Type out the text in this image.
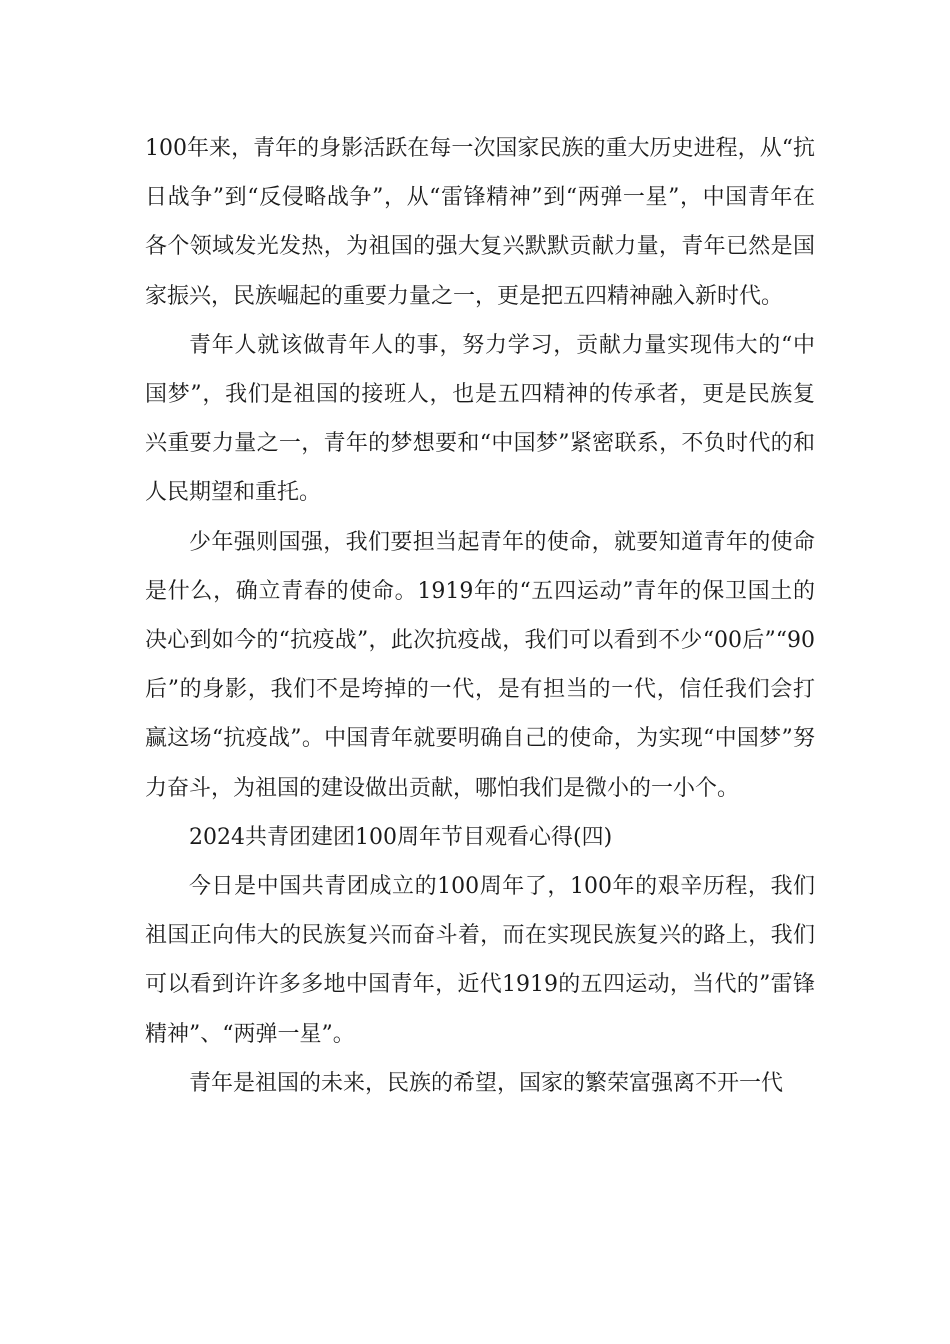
100年来，青年的身影活跃在每一次国家民族的重大历史进程，从“抗日战争”到“反侵略战争”，从“雷锋精神”到“两弹一星”，中国青年在各个领域发光发热，为祖国的强大复兴默默贡献力量，青年已然是国家振兴，民族崛起的重要力量之一，更是把五四精神融入新时代。

青年人就该做青年人的事，努力学习，贡献力量实现伟大的“中国梦”，我们是祖国的接班人，也是五四精神的传承者，更是民族复兴重要力量之一，青年的梦想要和“中国梦”紧密联系，不负时代的和人民期望和重托。

少年强则国强，我们要担当起青年的使命，就要知道青年的使命是什么，确立青春的使命。1919年的“五四运动”青年的保卫国土的决心到如今的“抗疫战”，此次抗疫战，我们可以看到不少“00后”“90后”的身影，我们不是垮掉的一代，是有担当的一代，信任我们会打赢这场“抗疫战”。中国青年就要明确自己的使命，为实现“中国梦”努力奋斗，为祖国的建设做出贡献，哪怕我们是微小的一小个。

2024共青团建团100周年节目观看心得(四)

今日是中国共青团成立的100周年了，100年的艰辛历程，我们祖国正向伟大的民族复兴而奋斗着，而在实现民族复兴的路上，我们可以看到许许多多地中国青年，近代1919的五四运动，当代的”雷锋精神”、“两弹一星”。

青年是祖国的未来，民族的希望，国家的繁荣富强离不开一代
